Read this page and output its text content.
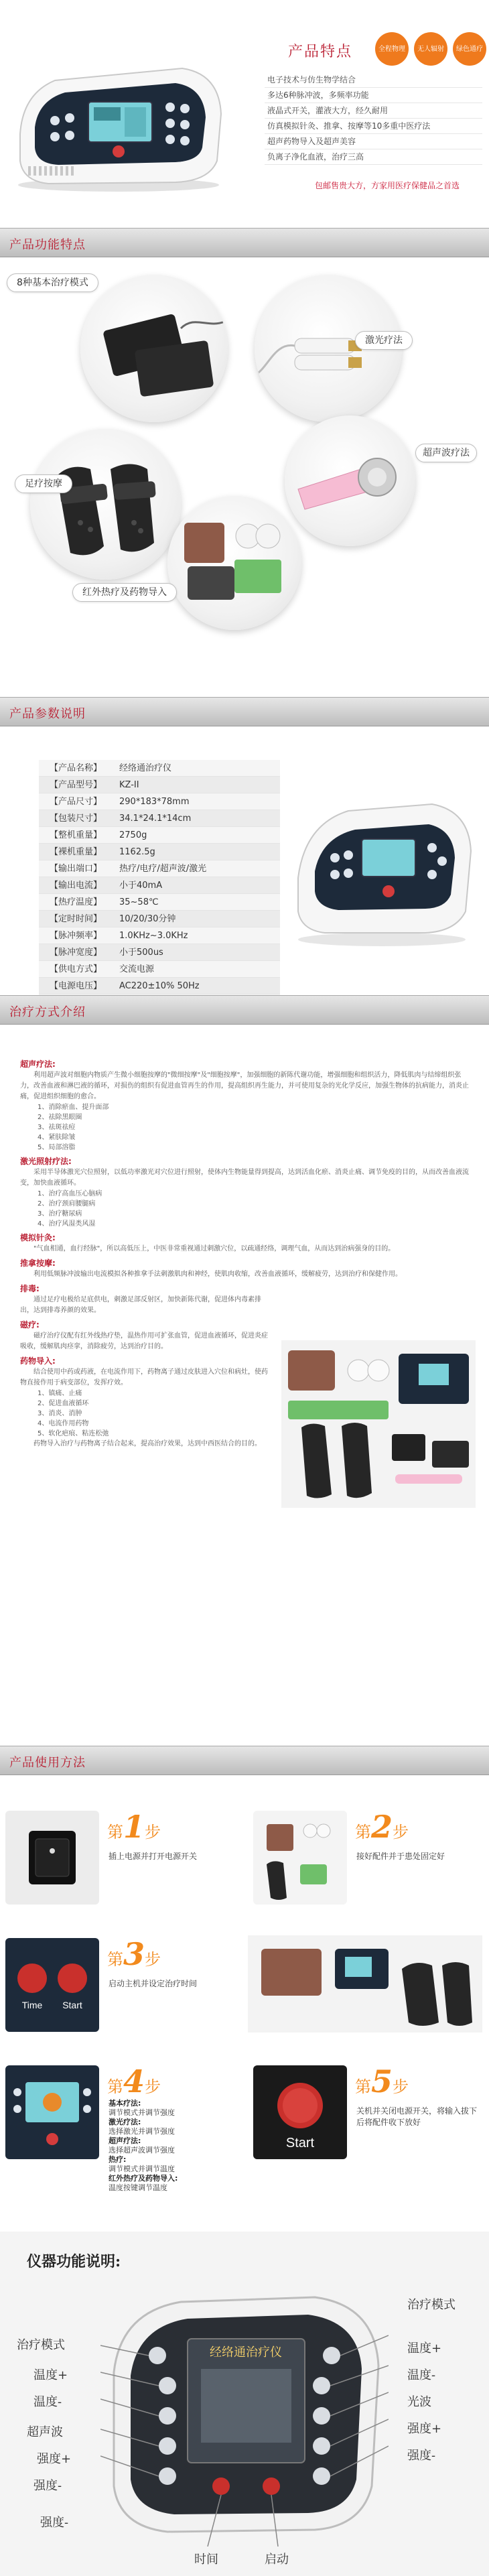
产品特点	全程物理	无人辐射	绿色通疗
电子技术与仿生物学结合
多达6种脉冲波，多频率功能
液晶式开关，灌液大方，经久耐用
仿真模拟针灸、推拿、按摩等10多重中医疗法
超声药物导入及超声美容
负离子净化血液，治疗三高
包邮售贵大方，方家用医疗保健品之首选
产品功能特点
8种基本治疗模式
激光疗法
超声波疗法
足疗按摩
红外热疗及药物导入
产品参数说明
【产品名称】	经络通治疗仪
【产品型号】	KZ-II
【产品尺寸】	290*183*78mm
【包装尺寸】	34.1*24.1*14cm
【整机重量】	2750g
【裸机重量】	1162.5g
【输出端口】	热疗/电疗/超声波/激光
【输出电流】	小于40mA
【热疗温度】	35~58℃
【定时时间】	10/20/30分钟
【脉冲频率】	1.0KHz~3.0KHz
【脉冲宽度】	小于500us
【供电方式】	交流电源
【电源电压】	AC220±10% 50Hz
治疗方式介绍
超声疗法:
利用超声波对细胞内物质产生微小细胞按摩的"微细按摩"及"细胞按摩"，加强细胞的新陈代谢功能，增强细胞和组织活力，降低肌肉与结缔组织张力，改善血液和淋巴液的循环，对损伤的组织有促进血管再生的作用，提高组织再生能力，并可使用复杂的光化学反应，加强生物体的抗病能力，消炎止痛，促进组织细胞的愈合。
1、消除瘀血、提升面部
2、祛除黑眼圈
3、祛斑祛痘
4、紧肤除皱
5、局部溶脂
激光照射疗法:
采用半导体激光穴位照射，以低功率激光对穴位进行照射，使体内生物能量得到提高，达到活血化瘀、消炎止痛、调节免疫的目的，从而改善血液流变，加快血液循环。
1、治疗高血压心脑病
2、治疗颈肩腰腿病
3、治疗糖尿病
4、治疗风湿类风湿
模拟针灸:
"气血相通，血行经脉"，所以高低压上，中医非常重视通过刺激穴位，以疏通经络，调理气血，从而达到治病强身的目的。
推拿按摩:
利用低频脉冲波输出电流模拟各种推拿手法刺激肌肉和神经，使肌肉收缩，改善血液循环，缓解疲劳，达到治疗和保健作用。
排毒:
通过足疗电极给足底供电，刺激足部反射区，加快新陈代谢，促进体内毒素排出，达到排毒养颜的效果。
磁疗:
磁疗治疗仪配有红外线热疗垫，温热作用可扩张血管，促进血液循环，促进炎症吸收，缓解肌肉痉挛，消除疲劳，达到治疗目的。
药物导入:
结合使用中药或药液，在电流作用下，药物离子通过皮肤进入穴位和病灶，使药物直接作用于病变部位，发挥疗效。
1、镇痛、止痛
2、促进血液循环
3、消炎、消肿
4、电流作用药物
5、软化疤痕、粘连松弛
药物导入治疗与药物离子结合起来，提高治疗效果，达到中西医结合的目的。
产品使用方法
第1步
插上电源并打开电源开关
第2步
接好配件并于患处固定好
Time Start
第3步
启动主机并设定治疗时间
第4步
基本疗法:
调节模式并调节强度
激光疗法:
选择激光并调节强度
超声疗法:
选择超声波调节强度
热疗:
调节模式并调节温度
红外热疗及药物导入:
温度按键调节温度
Start
第5步
关机并关闭电源开关，将输入拔下后将配件收下放好
仪器功能说明:
经络通治疗仪
治疗模式
温度+
温度-
超声波
强度+
强度-
强度-
治疗模式
温度+
温度-
光波
强度+
强度-
时间	启动
